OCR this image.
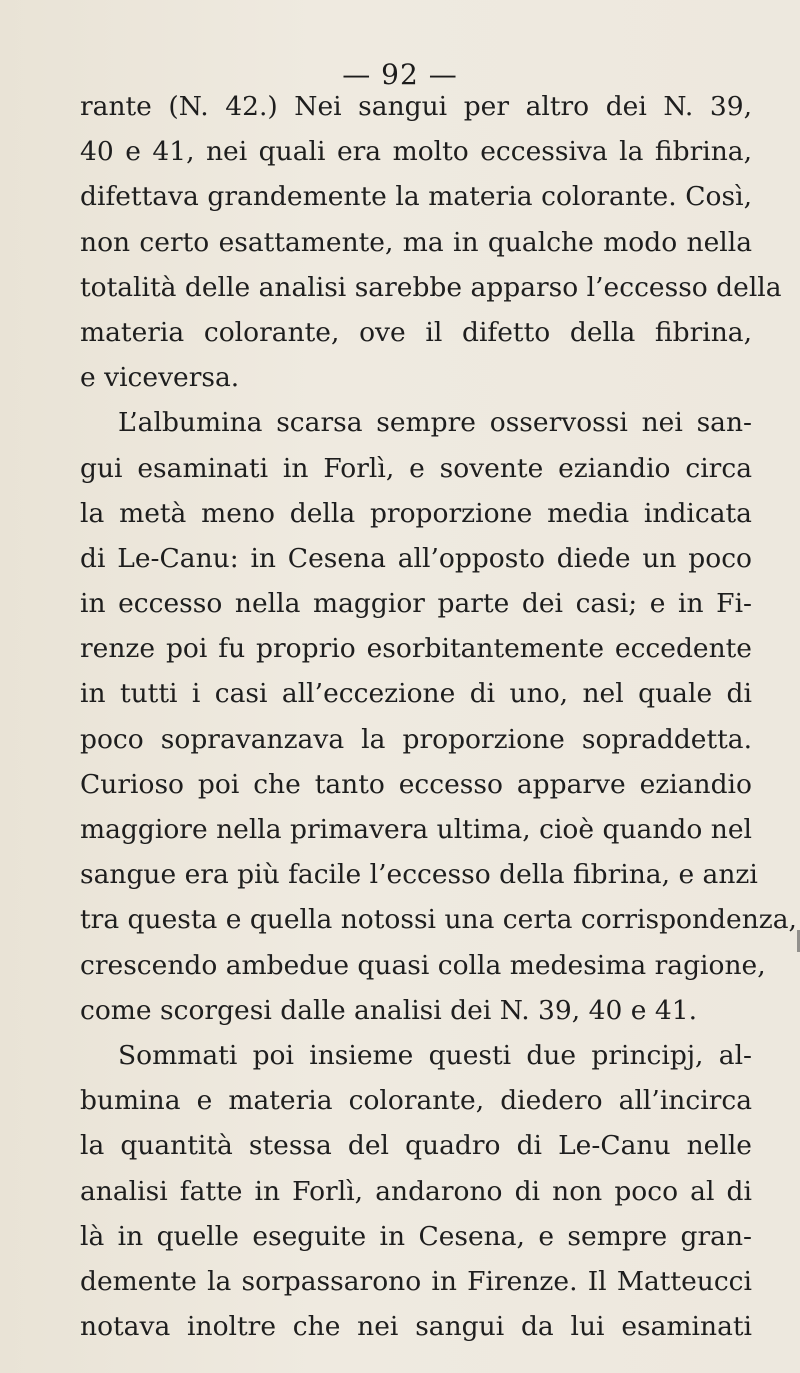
— 92 —
rante (N. 42.) Nei sangui per altro dei N. 39,
40 e 41, nei quali era molto eccessiva la fibrina,
difettava grandemente la materia colorante. Così,
non certo esattamente, ma in qualche modo nella
totalità delle analisi sarebbe apparso l’eccesso della
materia colorante, ove il difetto della fibrina,
e viceversa.
L’albumina scarsa sempre osservossi nei san-
gui esaminati in Forlì, e sovente eziandio circa
la metà meno della proporzione media indicata
di Le-Canu: in Cesena all’opposto diede un poco
in eccesso nella maggior parte dei casi; e in Fi-
renze poi fu proprio esorbitantemente eccedente
in tutti i casi all’eccezione di uno, nel quale di
poco sopravanzava la proporzione sopraddetta.
Curioso poi che tanto eccesso apparve eziandio
maggiore nella primavera ultima, cioè quando nel
sangue era più facile l’eccesso della fibrina, e anzi
tra questa e quella notossi una certa corrispondenza,
crescendo ambedue quasi colla medesima ragione,
come scorgesi dalle analisi dei N. 39, 40 e 41.
Sommati poi insieme questi due principj, al-
bumina e materia colorante, diedero all’incirca
la quantità stessa del quadro di Le-Canu nelle
analisi fatte in Forlì, andarono di non poco al di
là in quelle eseguite in Cesena, e sempre gran-
demente la sorpassarono in Firenze. Il Matteucci
notava inoltre che nei sangui da lui esaminati
